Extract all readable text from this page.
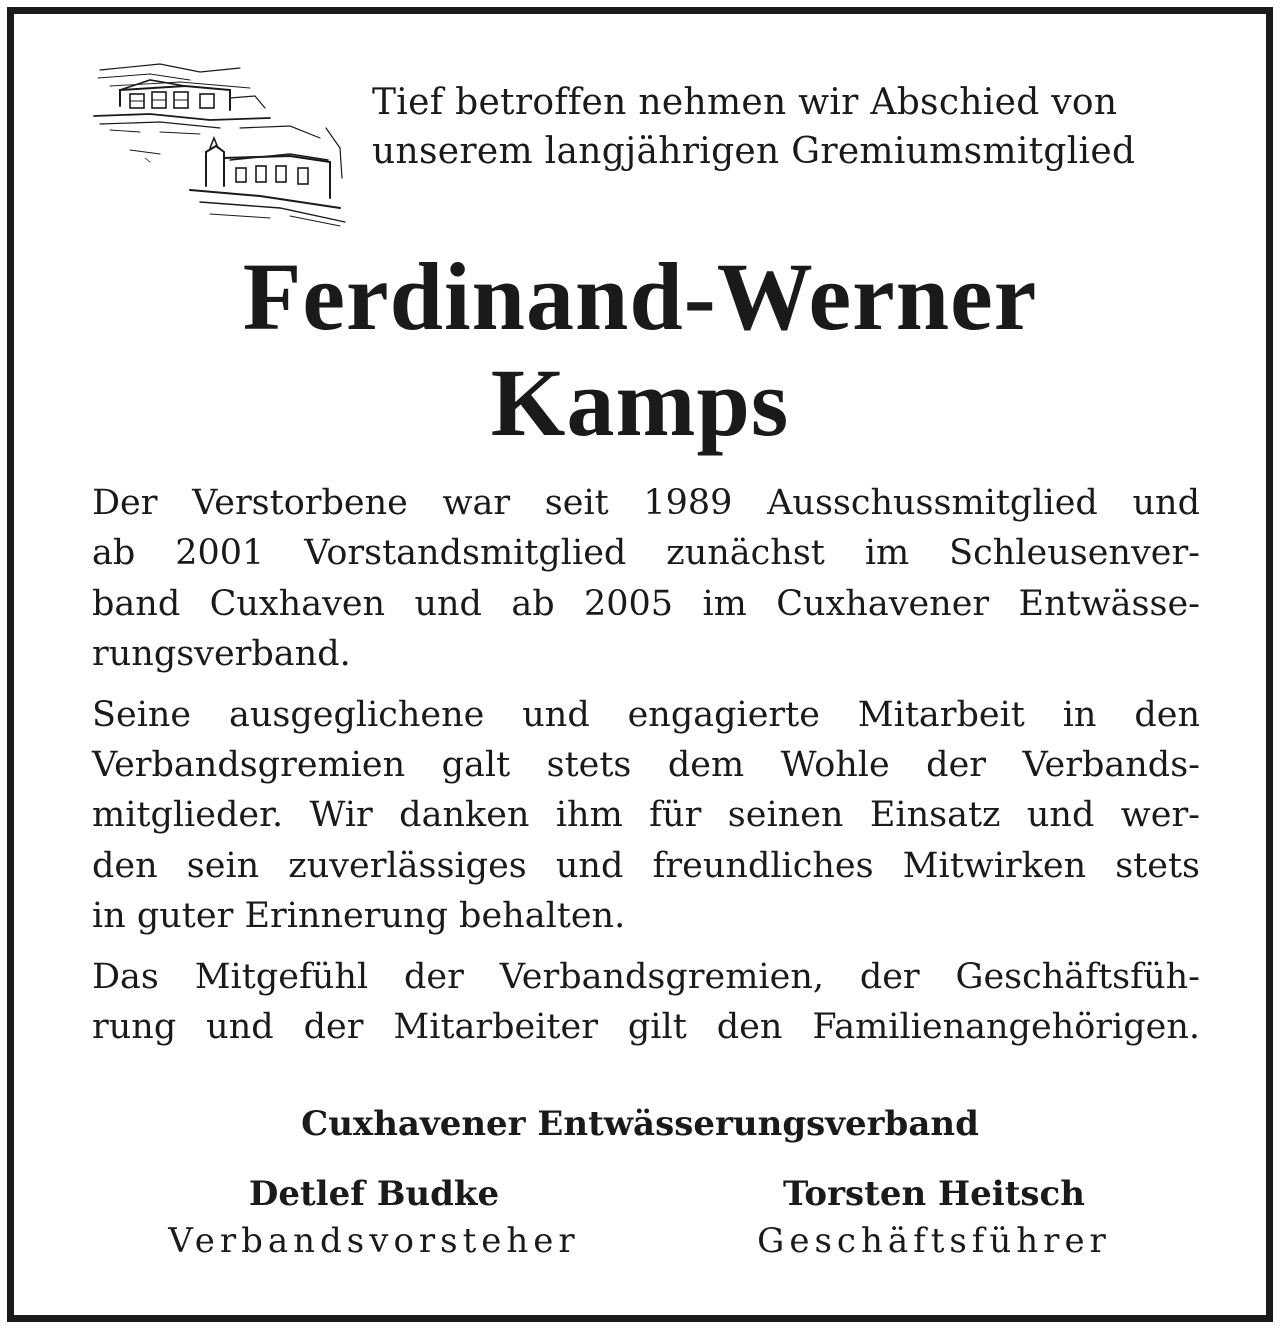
Tief betroffen nehmen wir Abschied von
unserem langjährigen Gremiumsmitglied
Ferdinand-Werner
Kamps

Der Verstorbene war seit 1989 Ausschussmitglied und
ab 2001 Vorstandsmitglied zunächst im Schleusenver-
band Cuxhaven und ab 2005 im Cuxhavener Entwässe-
rungsverband.

Seine ausgeglichene und engagierte Mitarbeit in den
Verbandsgremien galt stets dem Wohle der Verbands-
mitglieder. Wir danken ihm für seinen Einsatz und wer-
den sein zuverlässiges und freundliches Mitwirken stets
in guter Erinnerung behalten.

Das Mitgefühl der Verbandsgremien, der Geschäftsfüh-
rung und der Mitarbeiter gilt den Familienangehörigen.

Cuxhavener Entwässerungsverband
Detlef Budke
Verbandsvorsteher
Torsten Heitsch
Geschäftsführer
